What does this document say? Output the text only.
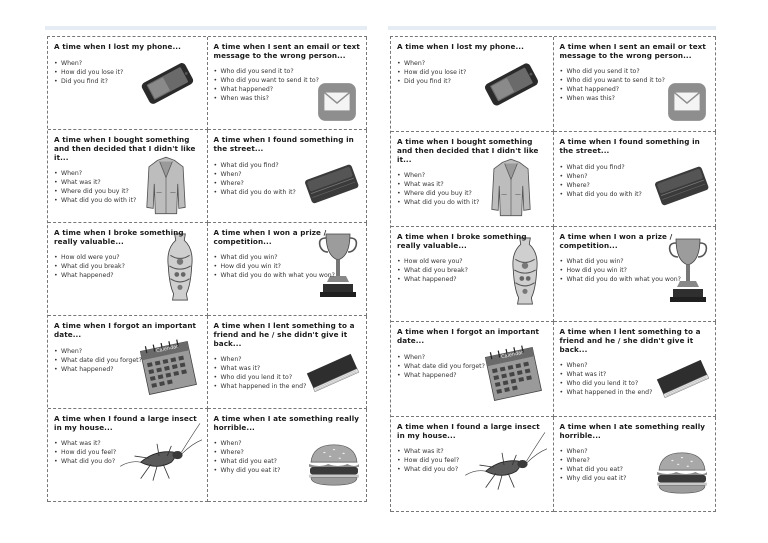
A time when I lost my phone...
• When?
• How did you lose it?
• Did you find it?
A time when I sent an email or text message to the wrong person...
• Who did you send it to?
• Who did you want to send it to?
• What happened?
• When was this?
A time when I bought something and then decided that I didn't like it...
• When?
• What was it?
• Where did you buy it?
• What did you do with it?
A time when I found something in the street...
• What did you find?
• When?
• Where?
• What did you do with it?
A time when I broke something really valuable...
• How old were you?
• What did you break?
• What happened?
A time when I won a prize / competition...
• What did you win?
• How did you win it?
• What did you do with what you won?
A time when I forgot an important date...
• When?
• What date did you forget?
• What happened?
Calendar
A time when I lent something to a friend and he / she didn't give it back...
• When?
• What was it?
• Who did you lend it to?
• What happened in the end?
A time when I found a large insect in my house...
• What was it?
• How did you feel?
• What did you do?
A time when I ate something really horrible...
• When?
• Where?
• What did you eat?
• Why did you eat it?
A time when I lost my phone...
• When?
• How did you lose it?
• Did you find it?
A time when I sent an email or text message to the wrong person...
• Who did you send it to?
• Who did you want to send it to?
• What happened?
• When was this?
A time when I bought something and then decided that I didn't like it...
• When?
• What was it?
• Where did you buy it?
• What did you do with it?
A time when I found something in the street...
• What did you find?
• When?
• Where?
• What did you do with it?
A time when I broke something really valuable...
• How old were you?
• What did you break?
• What happened?
A time when I won a prize / competition...
• What did you win?
• How did you win it?
• What did you do with what you won?
A time when I forgot an important date...
• When?
• What date did you forget?
• What happened?
Calendar
A time when I lent something to a friend and he / she didn't give it back...
• When?
• What was it?
• Who did you lend it to?
• What happened in the end?
A time when I found a large insect in my house...
• What was it?
• How did you feel?
• What did you do?
A time when I ate something really horrible...
• When?
• Where?
• What did you eat?
• Why did you eat it?
